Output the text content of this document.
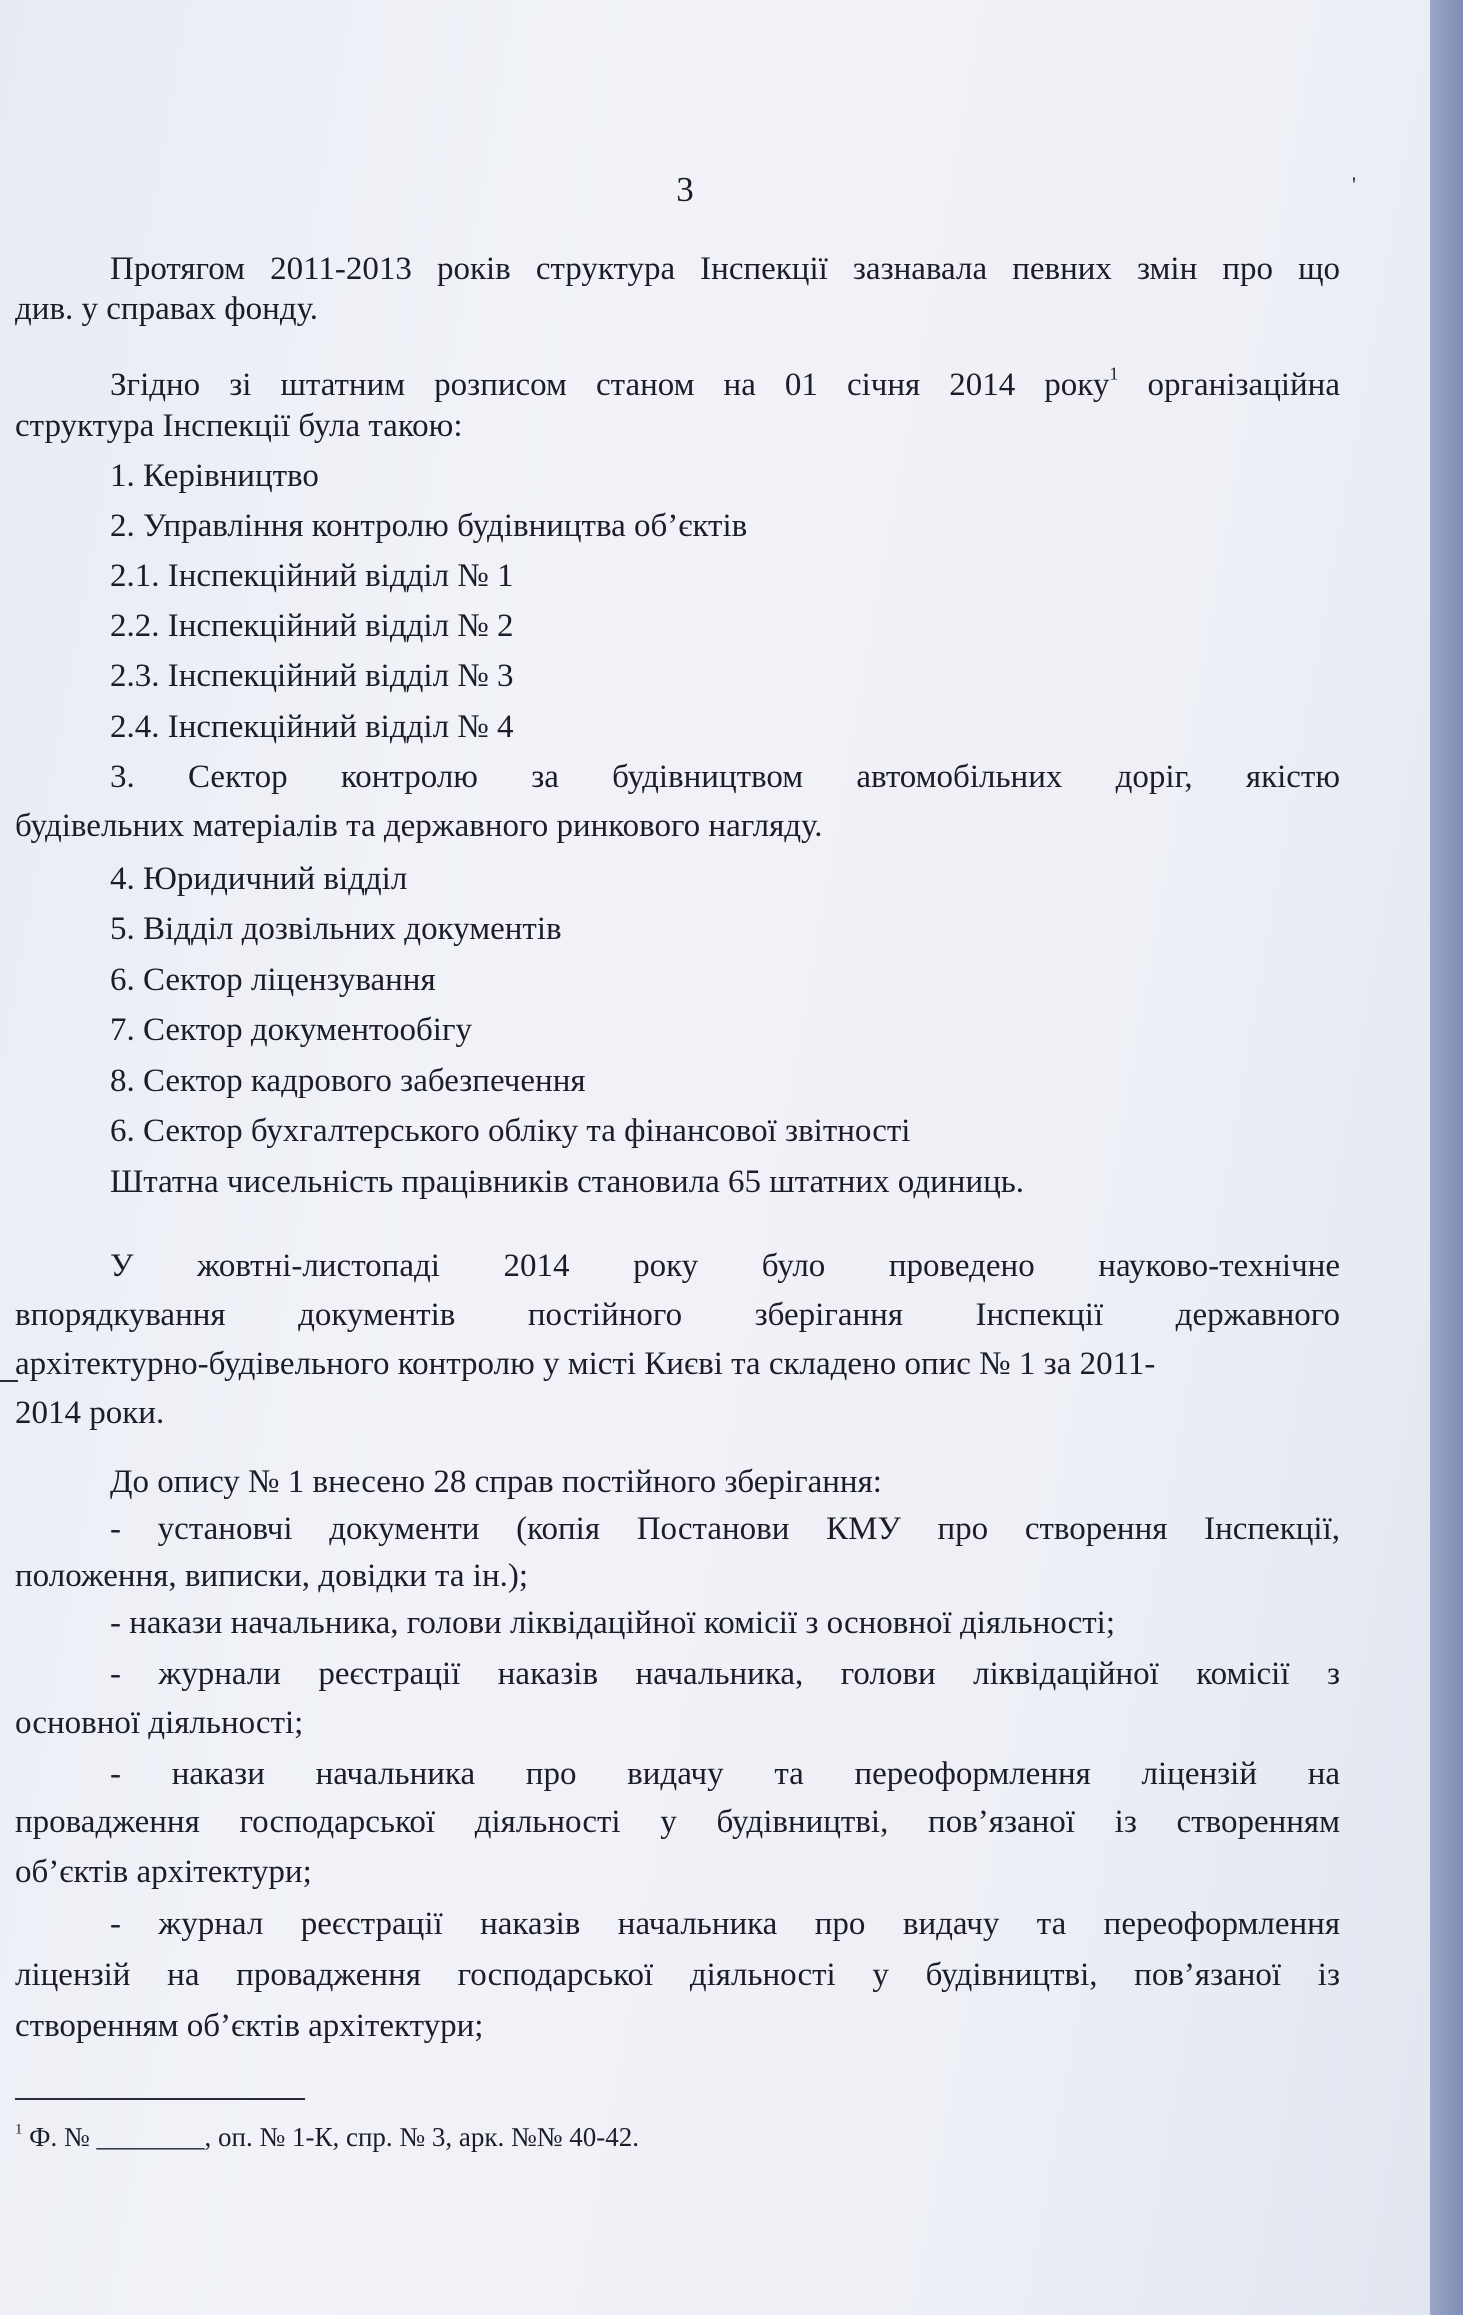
3	'
Протягом 2011-2013 років структура Інспекції зазнавала певних змін про що
див. у справах фонду.
Згідно зі штатним розписом станом на 01 січня 2014 року$^1$ організаційна
структура Інспекції була такою:
1. Керівництво
2. Управління контролю будівництва об’єктів
2.1. Інспекційний відділ № 1
2.2. Інспекційний відділ № 2
2.3. Інспекційний відділ № 3
2.4. Інспекційний відділ № 4
3. Сектор контролю за будівництвом автомобільних доріг, якістю
будівельних матеріалів та державного ринкового нагляду.
4. Юридичний відділ
5. Відділ дозвільних документів
6. Сектор ліцензування
7. Сектор документообігу
8. Сектор кадрового забезпечення
6. Сектор бухгалтерського обліку та фінансової звітності
Штатна чисельність працівників становила 65 штатних одиниць.
У жовтні-листопаді 2014 року було проведено науково-технічне
впорядкування документів постійного зберігання Інспекції державного
архітектурно-будівельного контролю у місті Києві та складено опис № 1 за 2011-
2014 роки.
До опису № 1 внесено 28 справ постійного зберігання:
- установчі документи (копія Постанови КМУ про створення Інспекції,
положення, виписки, довідки та ін.);
- накази начальника, голови ліквідаційної комісії з основної діяльності;
- журнали реєстрації наказів начальника, голови ліквідаційної комісії з
основної діяльності;
- накази начальника про видачу та переоформлення ліцензій на
провадження господарської діяльності у будівництві, пов’язаної із створенням
об’єктів архітектури;
- журнал реєстрації наказів начальника про видачу та переоформлення
ліцензій на провадження господарської діяльності у будівництві, пов’язаної із
створенням об’єктів архітектури;
$^1$ Ф. № ________, оп. № 1-К, спр. № 3, арк. №№ 40-42.
